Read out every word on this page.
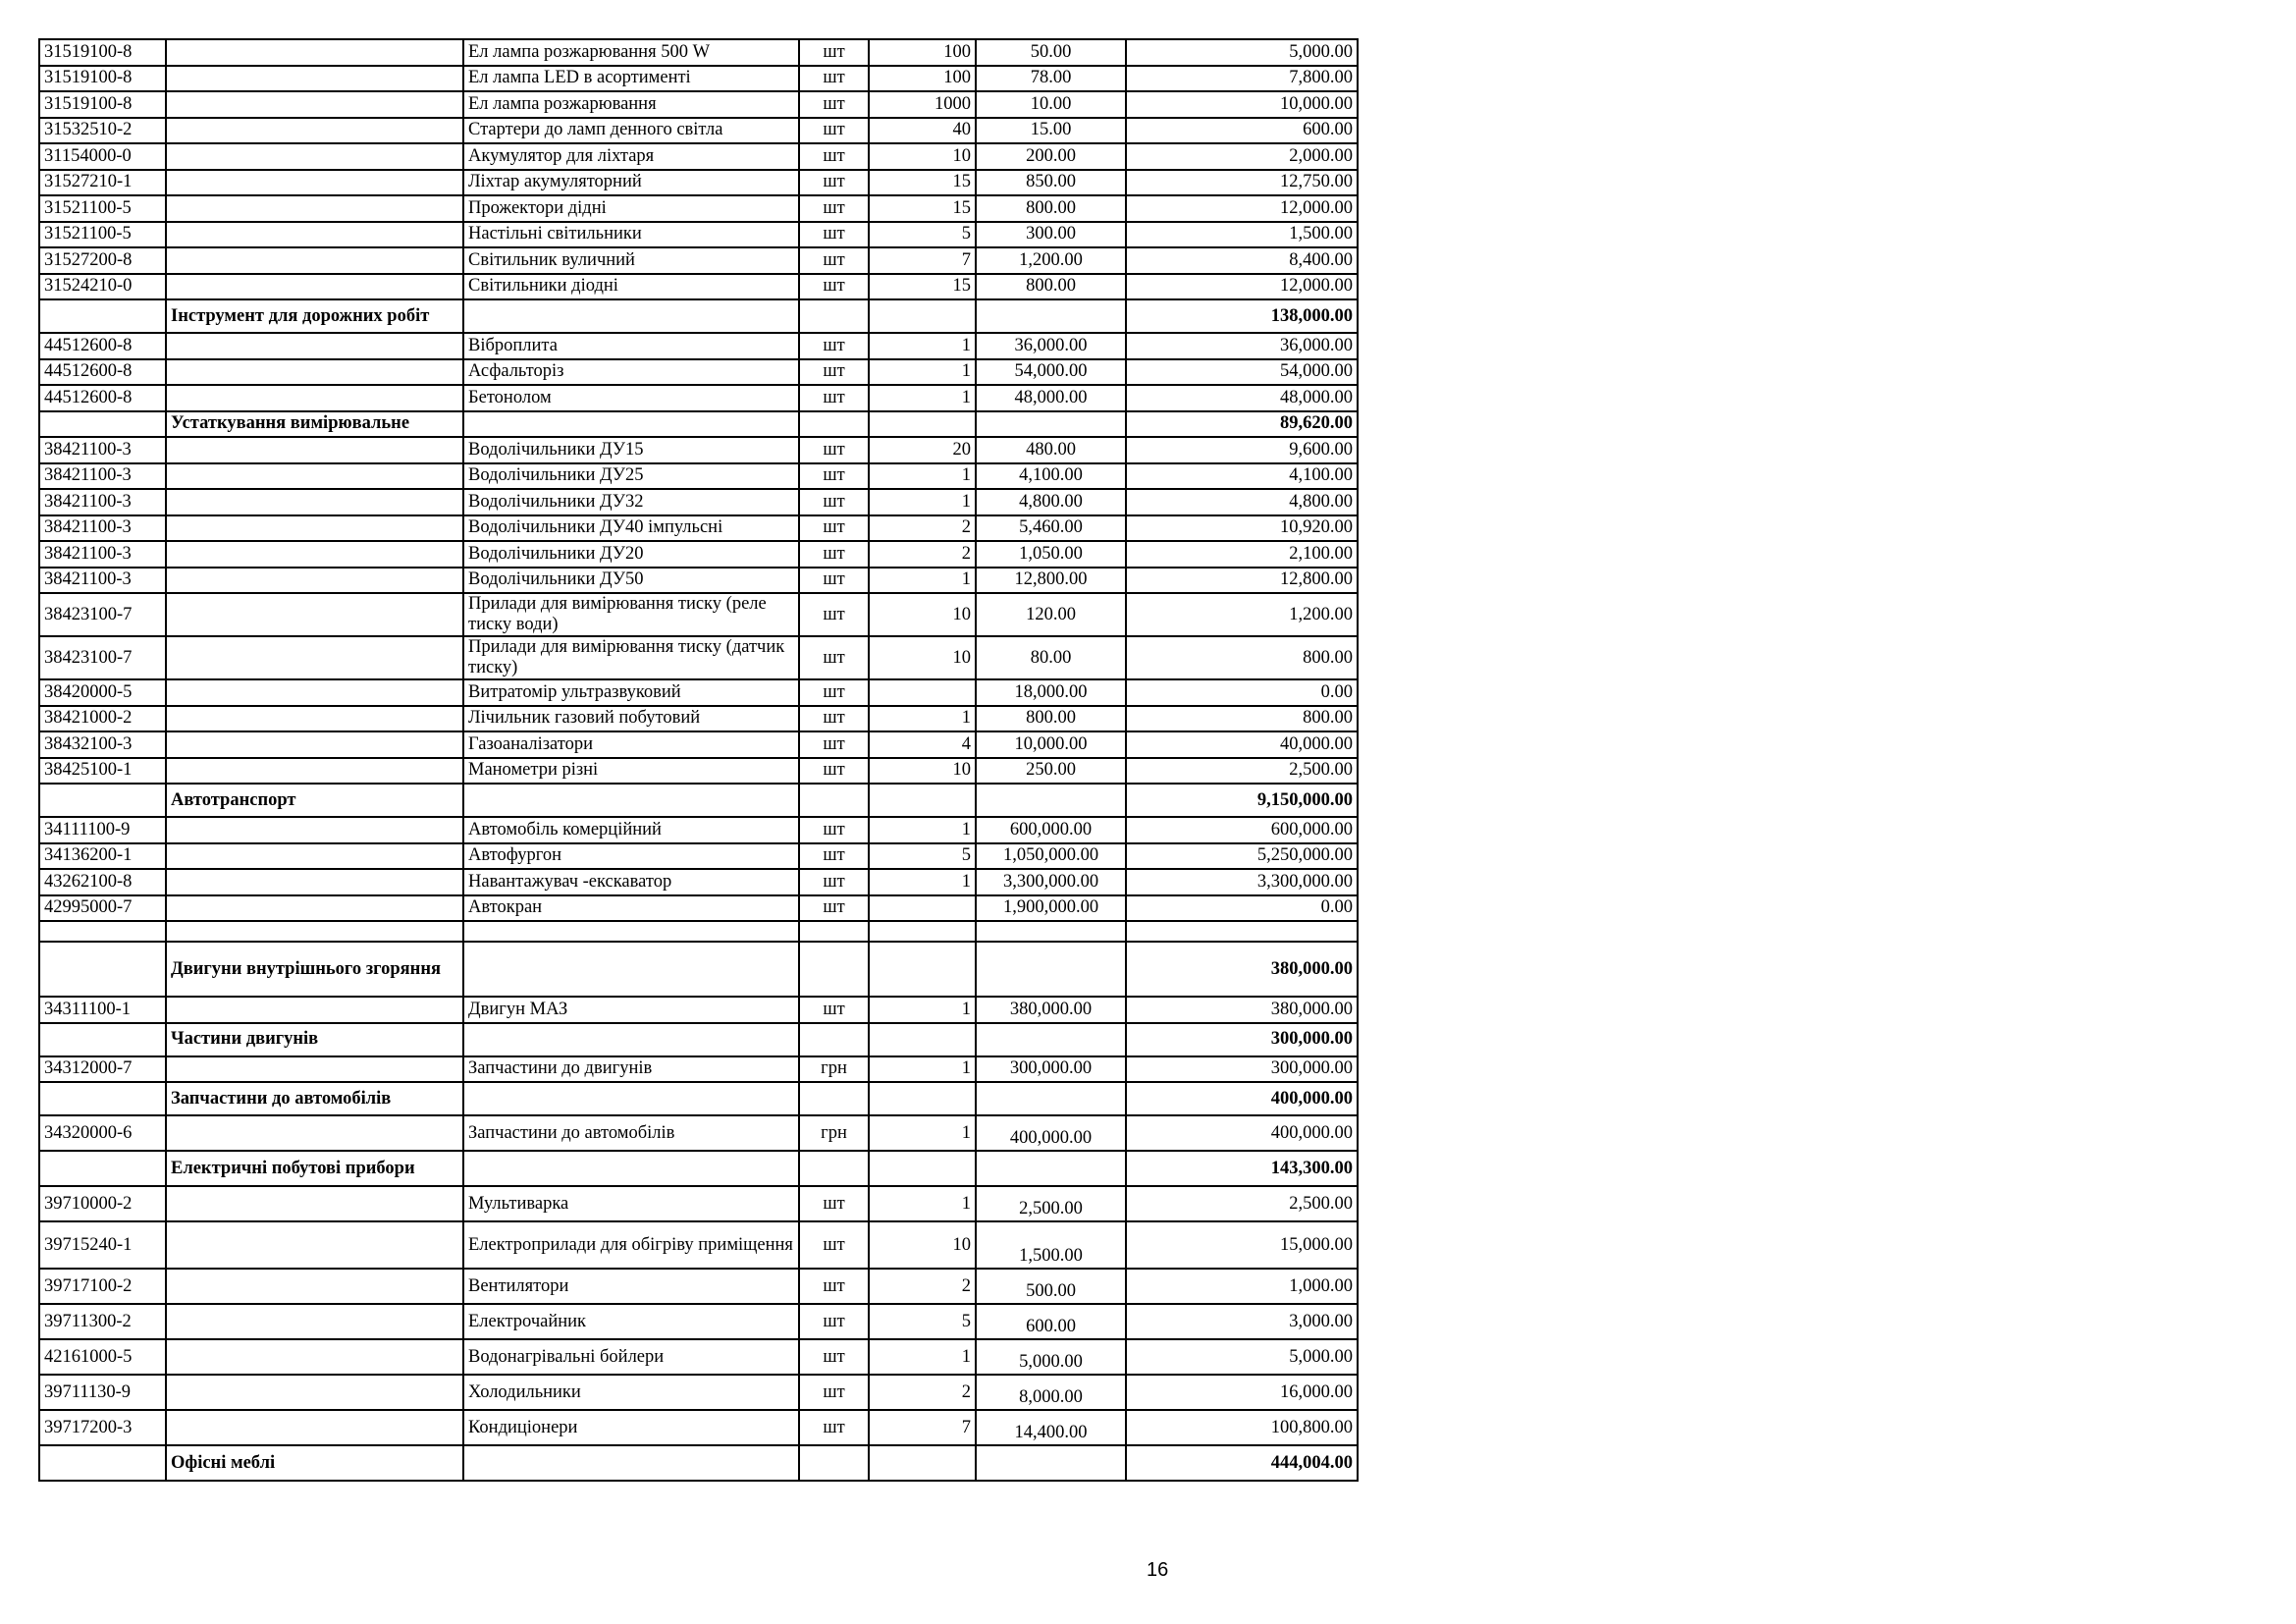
31519100-8		Ел лампа розжарювання 500 W	шт	100	50.00	5,000.00
31519100-8		Ел лампа LED в асортименті	шт	100	78.00	7,800.00
31519100-8		Ел лампа розжарювання	шт	1000	10.00	10,000.00
31532510-2		Стартери до ламп денного світла	шт	40	15.00	600.00
31154000-0		Акумулятор для ліхтаря	шт	10	200.00	2,000.00
31527210-1		Ліхтар акумуляторний	шт	15	850.00	12,750.00
31521100-5		Прожектори дідні	шт	15	800.00	12,000.00
31521100-5		Настільні світильники	шт	5	300.00	1,500.00
31527200-8		Світильник вуличний	шт	7	1,200.00	8,400.00
31524210-0		Світильники діодні	шт	15	800.00	12,000.00
	Інструмент для дорожних робіт					138,000.00
44512600-8		Віброплита	шт	1	36,000.00	36,000.00
44512600-8		Асфальторіз	шт	1	54,000.00	54,000.00
44512600-8		Бетонолом	шт	1	48,000.00	48,000.00
	Устаткування вимірювальне					89,620.00
38421100-3		Водолічильники ДУ15	шт	20	480.00	9,600.00
38421100-3		Водолічильники ДУ25	шт	1	4,100.00	4,100.00
38421100-3		Водолічильники ДУ32	шт	1	4,800.00	4,800.00
38421100-3		Водолічильники ДУ40 імпульсні	шт	2	5,460.00	10,920.00
38421100-3		Водолічильники ДУ20	шт	2	1,050.00	2,100.00
38421100-3		Водолічильники ДУ50	шт	1	12,800.00	12,800.00
38423100-7		Прилади для вимірювання тиску (реле тиску води)	шт	10	120.00	1,200.00
38423100-7		Прилади для вимірювання тиску (датчик тиску)	шт	10	80.00	800.00
38420000-5		Витратомір ультразвуковий	шт		18,000.00	0.00
38421000-2		Лічильник газовий побутовий	шт	1	800.00	800.00
38432100-3		Газоаналізатори	шт	4	10,000.00	40,000.00
38425100-1		Манометри різні	шт	10	250.00	2,500.00
	Автотранспорт					9,150,000.00
34111100-9		Автомобіль комерційний	шт	1	600,000.00	600,000.00
34136200-1		Автофургон	шт	5	1,050,000.00	5,250,000.00
43262100-8		Навантажувач -екскаватор	шт	1	3,300,000.00	3,300,000.00
42995000-7		Автокран	шт		1,900,000.00	0.00

	Двигуни внутрішнього згоряння					380,000.00
34311100-1		Двигун МАЗ	шт	1	380,000.00	380,000.00
	Частини двигунів					300,000.00
34312000-7		Запчастини до двигунів	грн	1	300,000.00	300,000.00
	Запчастини до автомобілів					400,000.00
34320000-6		Запчастини до автомобілів	грн	1	400,000.00	400,000.00
	Електричні побутові прибори					143,300.00
39710000-2		Мультиварка	шт	1	2,500.00	2,500.00
39715240-1		Електроприлади для обігріву приміщення	шт	10	1,500.00	15,000.00
39717100-2		Вентилятори	шт	2	500.00	1,000.00
39711300-2		Електрочайник	шт	5	600.00	3,000.00
42161000-5		Водонагрівальні бойлери	шт	1	5,000.00	5,000.00
39711130-9		Холодильники	шт	2	8,000.00	16,000.00
39717200-3		Кондиціонери	шт	7	14,400.00	100,800.00
	Офісні меблі					444,004.00
16
